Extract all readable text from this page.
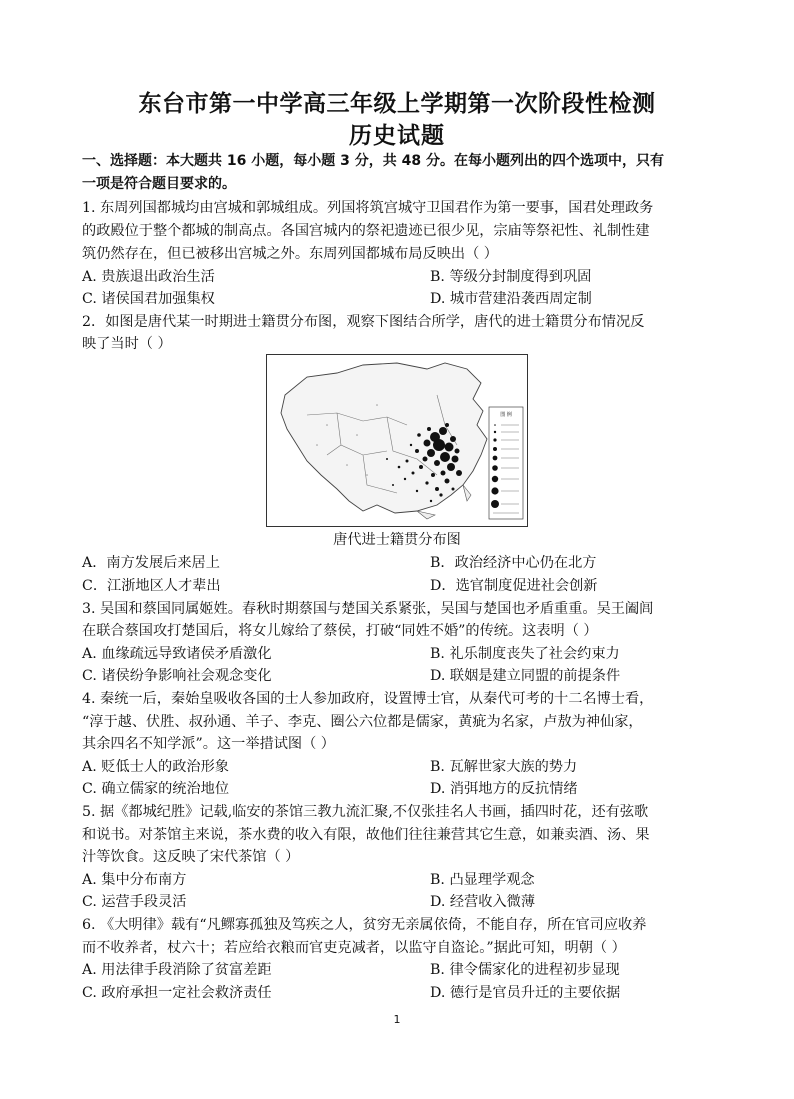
东台市第一中学高三年级上学期第一次阶段性检测
历史试题
一、选择题：本大题共 16 小题，每小题 3 分，共 48 分。在每小题列出的四个选项中，只有
一项是符合题目要求的。
1. 东周列国都城均由宫城和郭城组成。列国将筑宫城守卫国君作为第一要事，国君处理政务
的政殿位于整个都城的制高点。各国宫城内的祭祀遗迹已很少见，宗庙等祭祀性、礼制性建
筑仍然存在，但已被移出宫城之外。东周列国都城布局反映出（ ）
A. 贵族退出政治生活	B. 等级分封制度得到巩固
C. 诸侯国君加强集权	D. 城市营建沿袭西周定制
2．如图是唐代某一时期进士籍贯分布图，观察下图结合所学，唐代的进士籍贯分布情况反
映了当时（ ）
图 例
唐代进士籍贯分布图
A．南方发展后来居上	B．政治经济中心仍在北方
C．江浙地区人才辈出	D．选官制度促进社会创新
3. 吴国和蔡国同属姬姓。春秋时期蔡国与楚国关系紧张，吴国与楚国也矛盾重重。吴王阖闾
在联合蔡国攻打楚国后，将女儿嫁给了蔡侯，打破“同姓不婚”的传统。这表明（ ）
A. 血缘疏远导致诸侯矛盾激化	B. 礼乐制度丧失了社会约束力
C. 诸侯纷争影响社会观念变化	D. 联姻是建立同盟的前提条件
4. 秦统一后，秦始皇吸收各国的士人参加政府，设置博士官，从秦代可考的十二名博士看，
“淳于越、伏胜、叔孙通、羊子、李克、圈公六位都是儒家，黄疵为名家，卢敖为神仙家，
其余四名不知学派”。这一举措试图（ ）
A. 贬低士人的政治形象	B. 瓦解世家大族的势力
C. 确立儒家的统治地位	D. 消弭地方的反抗情绪
5. 据《都城纪胜》记载,临安的茶馆三教九流汇聚,不仅张挂名人书画，插四时花，还有弦歌
和说书。对茶馆主来说，茶水费的收入有限，故他们往往兼营其它生意，如兼卖酒、汤、果
汁等饮食。这反映了宋代茶馆（ ）
A. 集中分布南方	B. 凸显理学观念
C. 运营手段灵活	D. 经营收入微薄
6. 《大明律》载有“凡鳏寡孤独及笃疾之人，贫穷无亲属依倚，不能自存，所在官司应收养
而不收养者，杖六十；若应给衣粮而官吏克减者，以监守自盗论。”据此可知，明朝（ ）
A. 用法律手段消除了贫富差距	B. 律令儒家化的进程初步显现
C. 政府承担一定社会救济责任	D. 德行是官员升迁的主要依据
1
